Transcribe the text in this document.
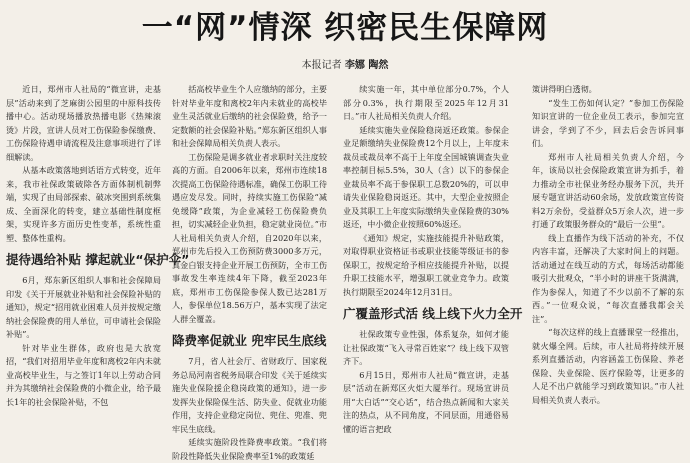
一“网”情深 织密民生保障网
本报记者 李娜 陶然

近日，郑州市人社局的“微宣讲，走基层”活动来到了芝麻街公园里的中原科技传播中心。活动现场播放热播电影《热辣滚烫》片段，宣讲人员对工伤保险参保缴费、工伤保险待遇申请流程及注意事项进行了详细解读。

从基本政策落地到话语方式转变，近年来，我市社保政策破除各方面体制机制弊端，实现了由局部探索、破冰突围到系统集成、全面深化的转变，建立基础性制度框架，实现许多方面历史性变革，系统性重塑、整体性重构。

提待遇给补贴 撑起就业“保护伞”

6月，郑东新区组织人事和社会保障局印发《关于开展就业补贴和社会保险补贴的通知》，规定“招用就业困难人员并按规定缴纳社会保险费的用人单位，可申请社会保险补贴”。

针对毕业生群体，政府也是大放宽招，“我们对招用毕业年度和离校2年内未就业高校毕业生，与之签订1年以上劳动合同并为其缴纳社会保险费的小微企业，给予最长1年的社会保险补贴，不包

括高校毕业生个人应缴纳的部分，主要针对毕业年度和离校2年内未就业的高校毕业生灵活就业后缴纳的社会保险费，给予一定数额的社会保险补贴。”郑东新区组织人事和社会保障局相关负责人表示。

工伤保险是调多就业者求职时关注度较高的方面。自2006年以来，郑州市连续18次提高工伤保险待遇标准，确保工伤职工待遇应发尽发。同时，持续实施工伤保险“减免缓降”政策，为企业减轻工伤保险费负担，切实减轻企业负担，稳定就业岗位。”市人社局相关负责人介绍，自2020年以来，郑州市先后投入工伤预防费3000多万元，真金白银支持企业开展工伤预防，全市工伤事故发生率连续4年下降，截至2023年底，郑州市工伤保险参保人数已达281万人，参保单位18.56万户，基本实现了法定人群全覆盖。

降费率促就业 兜牢民生底线

7月，省人社会厅、省财政厅、国家税务总局河南省税务局联合印发《关于延续实施失业保险援企稳岗政策的通知》，进一步发挥失业保险保生活、防失业、促就业功能作用，支持企业稳定岗位、兜住、兜准、兜牢民生底线。

延续实施阶段性降费率政策。“我们将阶段性降低失业保险费率至1%的政策延

续实施一年，其中单位部分0.7%，个人部分0.3%，执行期限至2025年12月31日。”市人社局相关负责人介绍。

延续实施失业保险稳岗返还政策。参保企业足额缴纳失业保险费12个月以上，上年度未裁员或裁员率不高于上年度全国城镇调查失业率控制目标5.5%，30人（含）以下的参保企业裁员率不高于参保职工总数20%的，可以申请失业保险稳岗返还。其中，大型企业按照企业及其职工上年度实际缴纳失业保险费的30%返还，中小微企业按照60%返还。

《通知》规定，实施技能提升补贴政策，对取得职业资格证书或职业技能等级证书的参保职工，按规定给予相应技能提升补贴，以提升职工技能水平，增强职工就业竞争力。政策执行期限至2024年12月31日。

广覆盖形式活 线上线下火力全开

社保政策专业性强，体系复杂，如何才能让社保政策“飞入寻常百姓家”？线上线下双管齐下。

6月15日，郑州市人社局“微宣讲，走基层”活动在新郑区火炬大厦举行。现场宣讲员用“大白话”“交心话”，结合热点新闻和大家关注的热点，从不同角度，不同层面，用通俗易懂的语言把政

策讲得明白透彻。

“发生工伤如何认定？”参加工伤保险知识宣讲的一位企业员工表示，参加完宣讲会，学到了不少，回去后会告诉同事们。

郑州市人社局相关负责人介绍，今年，该局以社会保险政策宣讲为抓手，着力推动全市社保业务经办服务下沉，共开展专题宣讲活动60余场，发放政策宣传资料2万余份，受益群众5万余人次，进一步打通了政策服务群众的“最后一公里”。

线上直播作为线下活动的补充，不仅内容丰富，还解决了大家时间上的问题。活动通过在线互动的方式，每场活动都能吸引大批观众，“半小时的讲座干货满满，作为参保人，知道了不少以前不了解的东西。”一位观众说，“每次直播我都会关注”。

“每次这样的线上直播课堂一经推出，就火爆全网。后续，市人社局将持续开展系列直播活动，内容涵盖工伤保险、养老保险、失业保险、医疗保险等，让更多的人足不出户就能学习到政策知识。”市人社局相关负责人表示。
